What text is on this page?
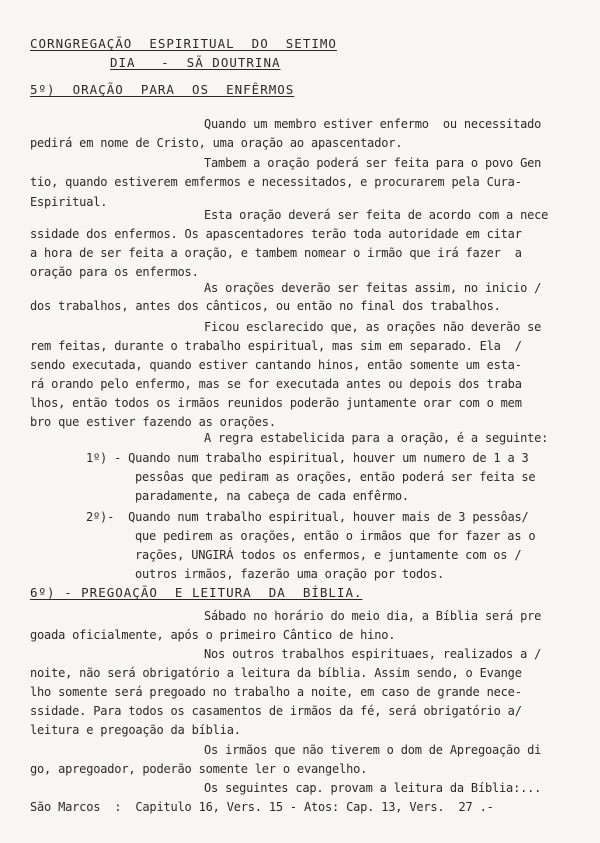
CORNGREGAÇÃO  ESPIRITUAL  DO  SETIMO
DIA   -  SÃ DOUTRINA
5º)  ORAÇÃO  PARA  OS  ENFÊRMOS
Quando um membro estiver enfermo  ou necessitado
pedirá em nome de Cristo, uma oração ao apascentador.
Tambem a oração poderá ser feita para o povo Gen
tio, quando estiverem emfermos e necessitados, e procurarem pela Cura-
Espiritual.
Esta oração deverá ser feita de acordo com a nece
ssidade dos enfermos. Os apascentadores terão toda autoridade em citar
a hora de ser feita a oração, e tambem nomear o irmão que irá fazer  a
oração para os enfermos.
As orações deverão ser feitas assim, no inicio /
dos trabalhos, antes dos cânticos, ou então no final dos trabalhos.
Ficou esclarecido que, as orações não deverão se
rem feitas, durante o trabalho espiritual, mas sim em separado. Ela  /
sendo executada, quando estiver cantando hinos, então somente um esta-
rá orando pelo enfermo, mas se for executada antes ou depois dos traba
lhos, então todos os irmãos reunidos poderão juntamente orar com o mem
bro que estiver fazendo as orações.
A regra estabelicida para a oração, é a seguinte:
1º) - Quando num trabalho espiritual, houver um numero de 1 a 3
pessôas que pediram as orações, então poderá ser feita se
paradamente, na cabeça de cada enfêrmo.
2º)-  Quando num trabalho espiritual, houver mais de 3 pessôas/
que pedirem as orações, então o irmãos que for fazer as o
rações, UNGIRÁ todos os enfermos, e juntamente com os /
outros irmãos, fazerão uma oração por todos.
6º) - PREGOAÇÃO  E LEITURA  DA  BÍBLIA.
Sábado no horário do meio dia, a Bíblia será pre
goada oficialmente, após o primeiro Cântico de hino.
Nos outros trabalhos espirituaes, realizados a /
noite, não será obrigatório a leitura da bíblia. Assim sendo, o Evange
lho somente será pregoado no trabalho a noite, em caso de grande nece-
ssidade. Para todos os casamentos de irmãos da fé, será obrigatório a/
leitura e pregoação da bíblia.
Os irmãos que não tiverem o dom de Apregoação di
go, apregoador, poderão somente ler o evangelho.
Os seguintes cap. provam a leitura da Bíblia:...
São Marcos  :  Capitulo 16, Vers. 15 - Atos: Cap. 13, Vers.  27 .-
